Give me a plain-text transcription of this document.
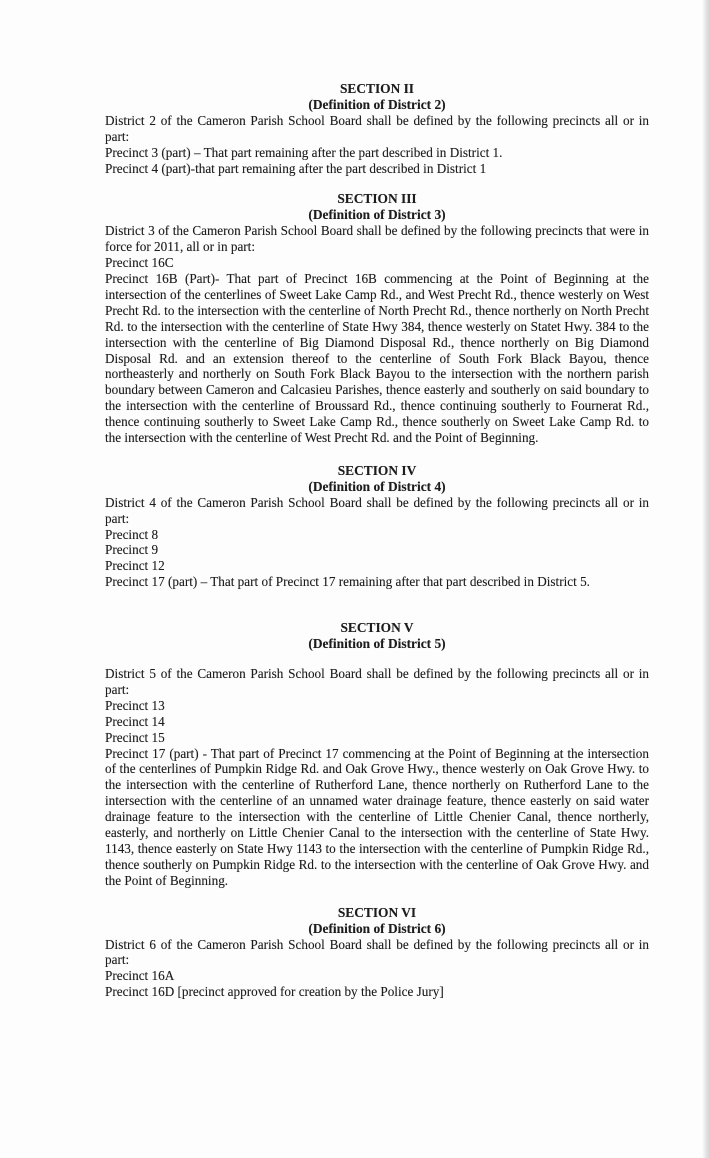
SECTION II
(Definition of District 2)

District 2 of the Cameron Parish School Board shall be defined by the following precincts all or in part:

Precinct 3 (part) – That part remaining after the part described in District 1.

Precinct 4 (part)-that part remaining after the part described in District 1

SECTION III
(Definition of District 3)

District 3 of the Cameron Parish School Board shall be defined by the following precincts that were in force for 2011, all or in part:

Precinct 16C

Precinct 16B (Part)- That part of Precinct 16B commencing at the Point of Beginning at the intersection of the centerlines of Sweet Lake Camp Rd., and West Precht Rd., thence westerly on West Precht Rd. to the intersection with the centerline of North Precht Rd., thence northerly on North Precht Rd. to the intersection with the centerline of State Hwy 384, thence westerly on Statet Hwy. 384 to the intersection with the centerline of Big Diamond Disposal Rd., thence northerly on Big Diamond Disposal Rd. and an extension thereof to the centerline of South Fork Black Bayou, thence northeasterly and northerly on South Fork Black Bayou to the intersection with the northern parish boundary between Cameron and Calcasieu Parishes, thence easterly and southerly on said boundary to the intersection with the centerline of Broussard Rd., thence continuing southerly to Fournerat Rd., thence continuing southerly to Sweet Lake Camp Rd., thence southerly on Sweet Lake Camp Rd. to the intersection with the centerline of West Precht Rd. and the Point of Beginning.

SECTION IV
(Definition of District 4)

District 4 of the Cameron Parish School Board shall be defined by the following precincts all or in part:

Precinct 8

Precinct 9

Precinct 12

Precinct 17 (part) – That part of Precinct 17 remaining after that part described in District 5.

SECTION V
(Definition of District 5)

District 5 of the Cameron Parish School Board shall be defined by the following precincts all or in part:

Precinct 13

Precinct 14

Precinct 15

Precinct 17 (part) - That part of Precinct 17 commencing at the Point of Beginning at the intersection of the centerlines of Pumpkin Ridge Rd. and Oak Grove Hwy., thence westerly on Oak Grove Hwy. to the intersection with the centerline of Rutherford Lane, thence northerly on Rutherford Lane to the intersection with the centerline of an unnamed water drainage feature, thence easterly on said water drainage feature to the intersection with the centerline of Little Chenier Canal, thence northerly, easterly, and northerly on Little Chenier Canal to the intersection with the centerline of State Hwy. 1143, thence easterly on State Hwy 1143 to the intersection with the centerline of Pumpkin Ridge Rd., thence southerly on Pumpkin Ridge Rd. to the intersection with the centerline of Oak Grove Hwy. and the Point of Beginning.

SECTION VI
(Definition of District 6)

District 6 of the Cameron Parish School Board shall be defined by the following precincts all or in part:

Precinct 16A

Precinct 16D [precinct approved for creation by the Police Jury]
